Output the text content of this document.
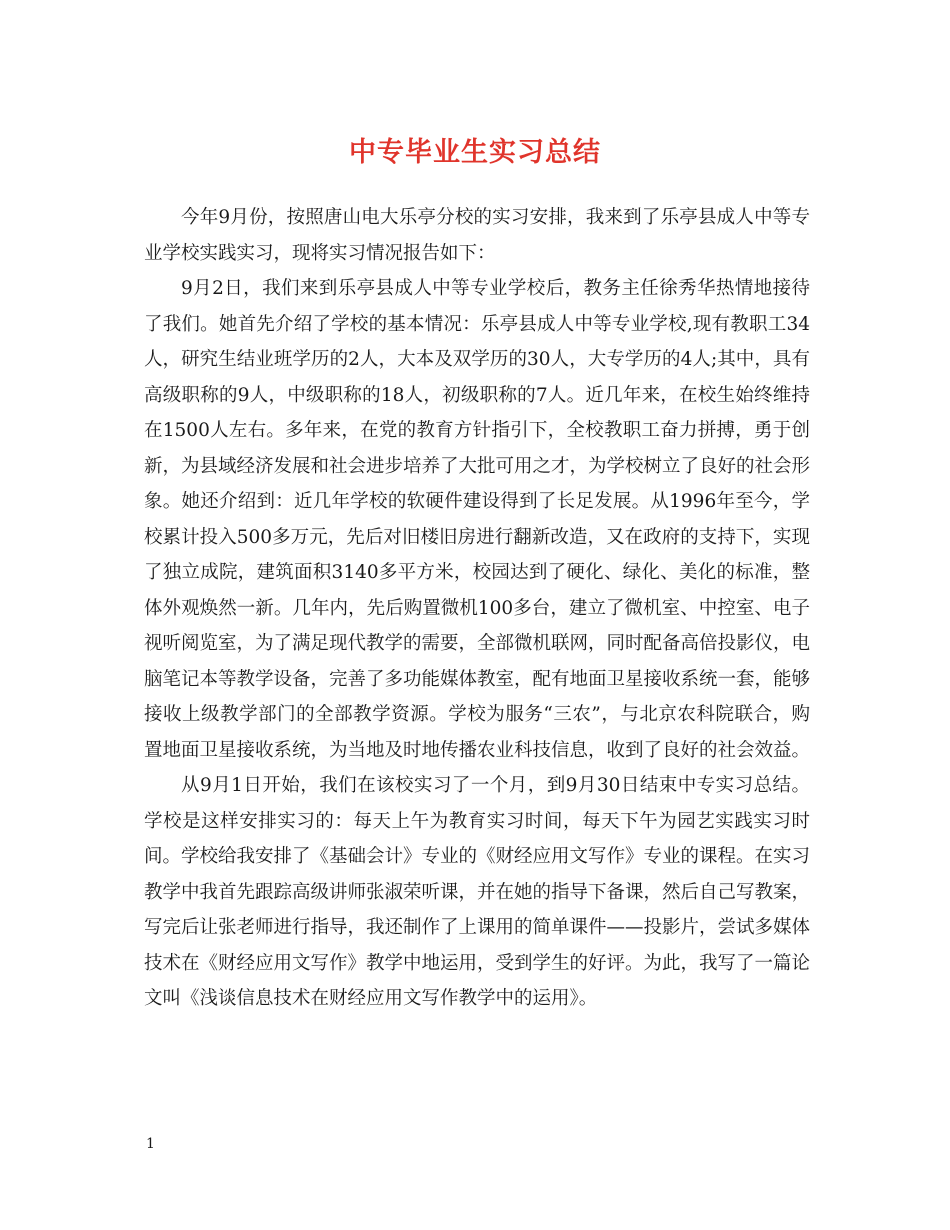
中专毕业生实习总结

今年9月份，按照唐山电大乐亭分校的实习安排，我来到了乐亭县成人中等专业学校实践实习，现将实习情况报告如下：

9月2日，我们来到乐亭县成人中等专业学校后，教务主任徐秀华热情地接待了我们。她首先介绍了学校的基本情况：乐亭县成人中等专业学校,现有教职工34人，研究生结业班学历的2人，大本及双学历的30人，大专学历的4人;其中，具有高级职称的9人，中级职称的18人，初级职称的7人。近几年来，在校生始终维持在1500人左右。多年来，在党的教育方针指引下，全校教职工奋力拼搏，勇于创新，为县域经济发展和社会进步培养了大批可用之才，为学校树立了良好的社会形象。她还介绍到：近几年学校的软硬件建设得到了长足发展。从1996年至今，学校累计投入500多万元，先后对旧楼旧房进行翻新改造，又在政府的支持下，实现了独立成院，建筑面积3140多平方米，校园达到了硬化、绿化、美化的标准，整体外观焕然一新。几年内，先后购置微机100多台，建立了微机室、中控室、电子视听阅览室，为了满足现代教学的需要，全部微机联网，同时配备高倍投影仪，电脑笔记本等教学设备，完善了多功能媒体教室，配有地面卫星接收系统一套，能够接收上级教学部门的全部教学资源。学校为服务“三农”，与北京农科院联合，购置地面卫星接收系统，为当地及时地传播农业科技信息，收到了良好的社会效益。

从9月1日开始，我们在该校实习了一个月，到9月30日结束中专实习总结。学校是这样安排实习的：每天上午为教育实习时间，每天下午为园艺实践实习时间。学校给我安排了《基础会计》专业的《财经应用文写作》专业的课程。在实习教学中我首先跟踪高级讲师张淑荣听课，并在她的指导下备课，然后自己写教案，写完后让张老师进行指导，我还制作了上课用的简单课件——投影片，尝试多媒体技术在《财经应用文写作》教学中地运用，受到学生的好评。为此，我写了一篇论文叫《浅谈信息技术在财经应用文写作教学中的运用》。

1
